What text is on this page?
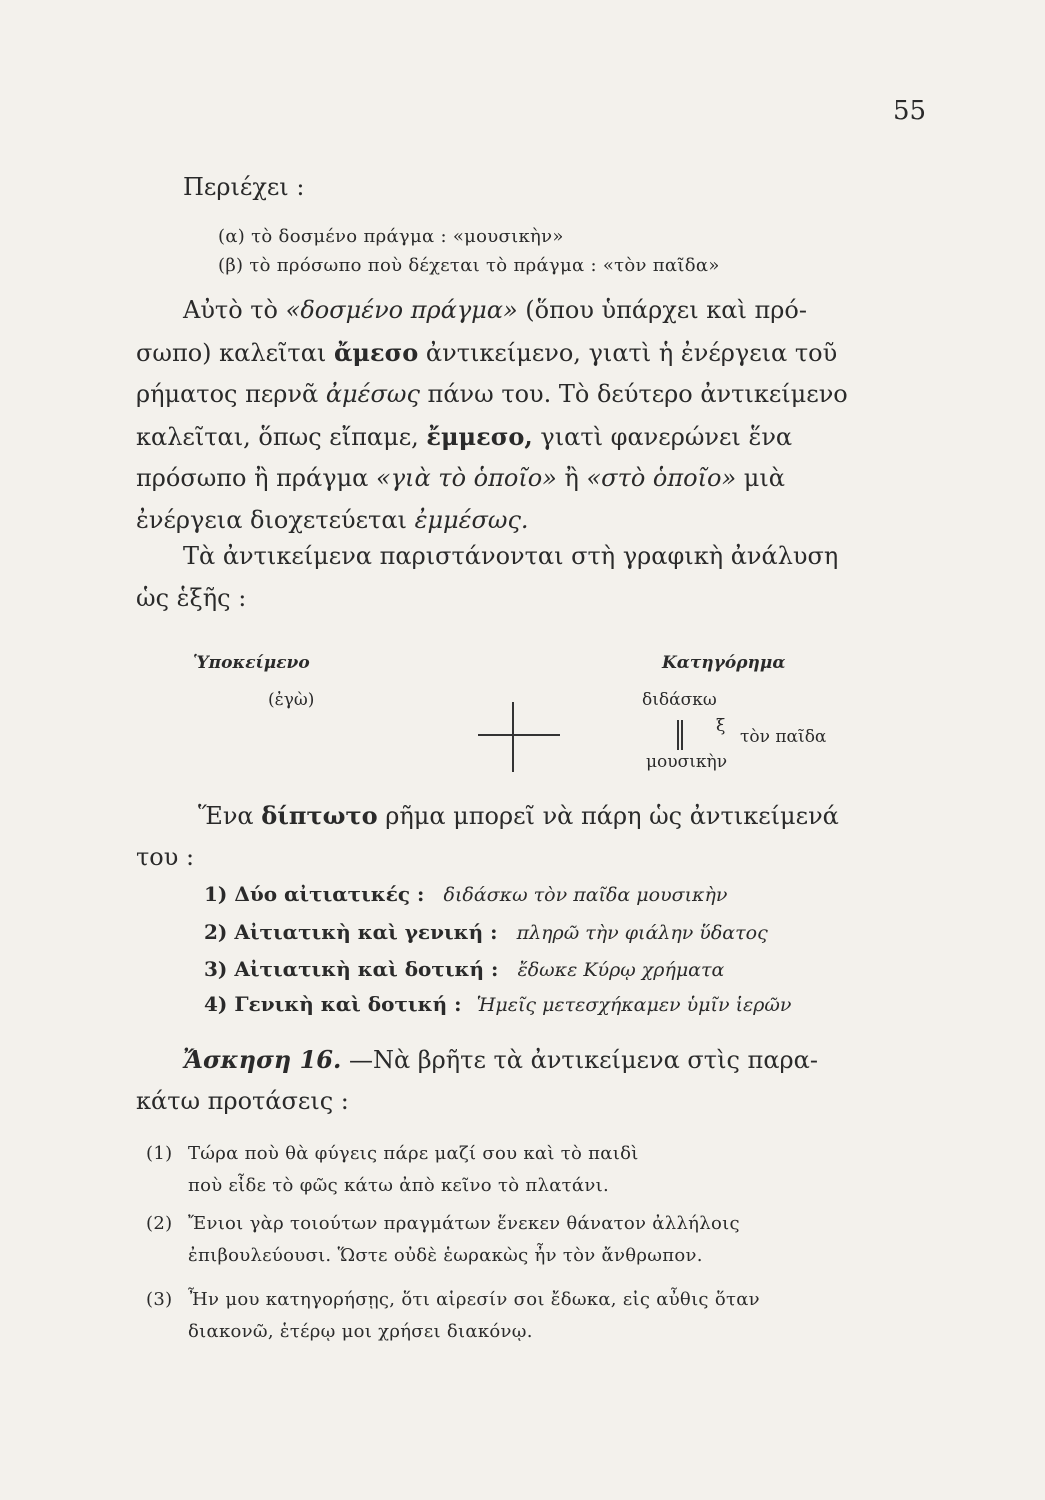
55
Περιέχει :
(α) τὸ δοσμένο πράγμα : «μουσικὴν»
(β) τὸ πρόσωπο ποὺ δέχεται τὸ πράγμα : «τὸν παῖδα»
Αὐτὸ τὸ «δοσμένο πράγμα» (ὅπου ὑπάρχει καὶ πρό-
σωπο) καλεῖται ἄμεσο ἀντικείμενο, γιατὶ ἡ ἐνέργεια τοῦ
ρήματος περνᾶ ἀμέσως πάνω του. Τὸ δεύτερο ἀντικείμενο
καλεῖται, ὅπως εἴπαμε, ἔμμεσο, γιατὶ φανερώνει ἕνα
πρόσωπο ἢ πράγμα «γιὰ τὸ ὁποῖο» ἢ «στὸ ὁποῖο» μιὰ
ἐνέργεια διοχετεύεται ἐμμέσως.
Τὰ ἀντικείμενα παριστάνονται στὴ γραφικὴ ἀνάλυση
ὡς ἑξῆς :
Ὑποκείμενο	Κατηγόρημα
(ἐγὼ)	διδάσκω
ξ
τὸν παῖδα
μουσικὴν
Ἕνα δίπτωτο ρῆμα μπορεῖ νὰ πάρη ὡς ἀντικείμενά
του :
1) Δύο αἰτιατικές : διδάσκω τὸν παῖδα μουσικὴν
2) Αἰτιατικὴ καὶ γενική : πληρῶ τὴν φιάλην ὕδατος
3) Αἰτιατικὴ καὶ δοτική : ἔδωκε Κύρῳ χρήματα
4) Γενικὴ καὶ δοτική : Ἡμεῖς μετεσχήκαμεν ὑμῖν ἱερῶν
Ἄσκηση 16. —Νὰ βρῆτε τὰ ἀντικείμενα στὶς παρα-
κάτω προτάσεις :
(1) Τώρα ποὺ θὰ φύγεις πάρε μαζί σου καὶ τὸ παιδὶ
ποὺ εἶδε τὸ φῶς κάτω ἀπὸ κεῖνο τὸ πλατάνι.
(2) Ἔνιοι γὰρ τοιούτων πραγμάτων ἕνεκεν θάνατον ἀλλήλοις
ἐπιβουλεύουσι. Ὥστε οὐδὲ ἑωρακὼς ἦν τὸν ἄνθρωπον.
(3) Ἦν μου κατηγορήσῃς, ὅτι αἱρεσίν σοι ἔδωκα, εἰς αὖθις ὅταν
διακονῶ, ἑτέρῳ μοι χρήσει διακόνῳ.
